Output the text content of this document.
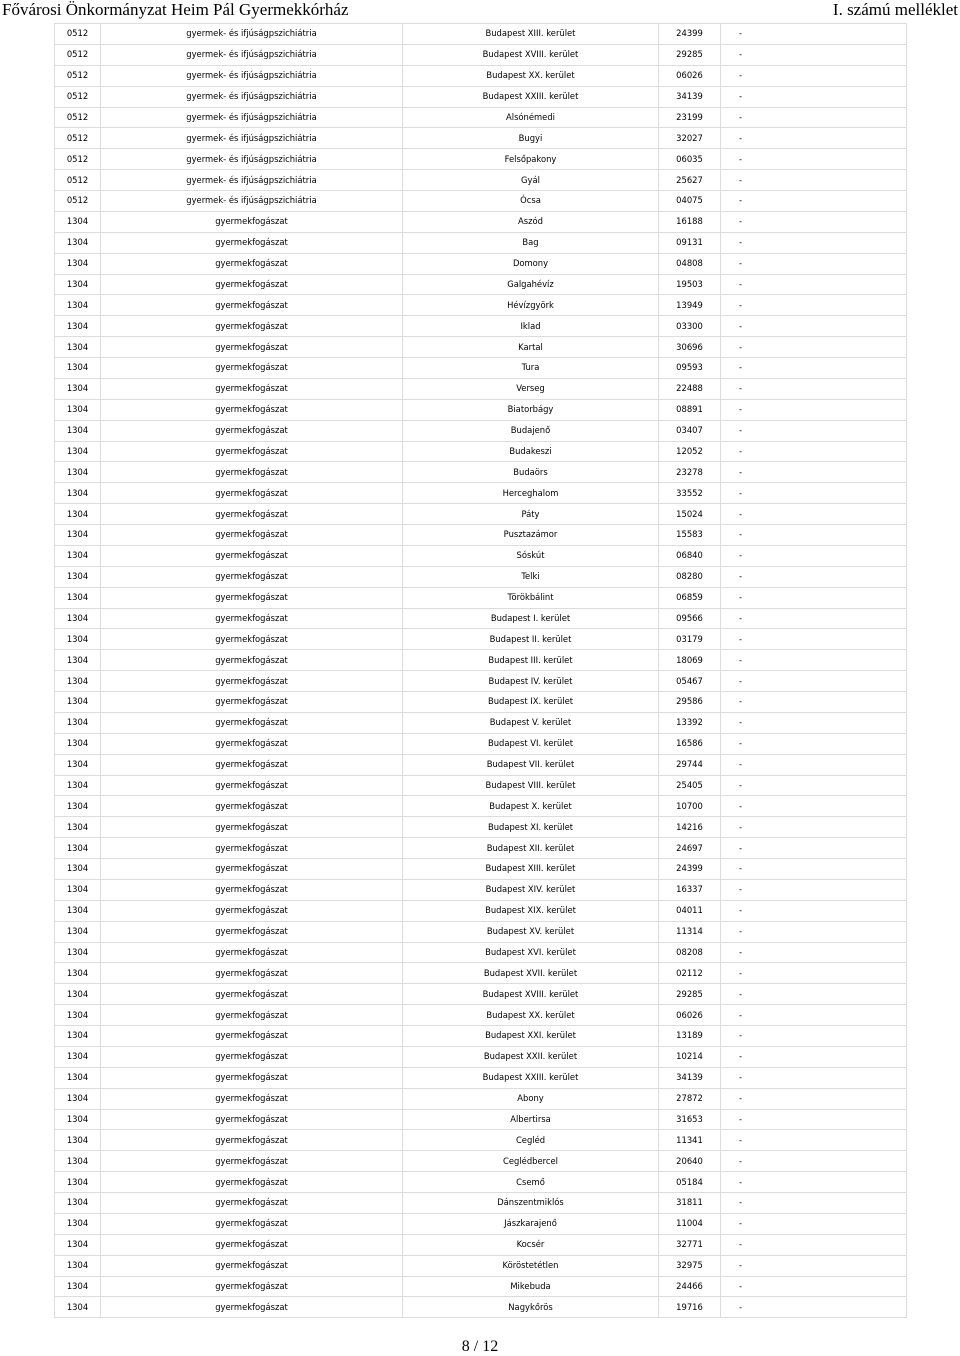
Fővárosi Önkormányzat Heim Pál Gyermekkórház	I. számú melléklet
0512	gyermek- és ifjúságpszichiátria	Budapest XIII. kerület	24399	-
0512	gyermek- és ifjúságpszichiátria	Budapest XVIII. kerület	29285	-
0512	gyermek- és ifjúságpszichiátria	Budapest XX. kerület	06026	-
0512	gyermek- és ifjúságpszichiátria	Budapest XXIII. kerület	34139	-
0512	gyermek- és ifjúságpszichiátria	Alsónémedi	23199	-
0512	gyermek- és ifjúságpszichiátria	Bugyi	32027	-
0512	gyermek- és ifjúságpszichiátria	Felsőpakony	06035	-
0512	gyermek- és ifjúságpszichiátria	Gyál	25627	-
0512	gyermek- és ifjúságpszichiátria	Ócsa	04075	-
1304	gyermekfogászat	Aszód	16188	-
1304	gyermekfogászat	Bag	09131	-
1304	gyermekfogászat	Domony	04808	-
1304	gyermekfogászat	Galgahévíz	19503	-
1304	gyermekfogászat	Hévízgyörk	13949	-
1304	gyermekfogászat	Iklad	03300	-
1304	gyermekfogászat	Kartal	30696	-
1304	gyermekfogászat	Tura	09593	-
1304	gyermekfogászat	Verseg	22488	-
1304	gyermekfogászat	Biatorbágy	08891	-
1304	gyermekfogászat	Budajenő	03407	-
1304	gyermekfogászat	Budakeszi	12052	-
1304	gyermekfogászat	Budaörs	23278	-
1304	gyermekfogászat	Herceghalom	33552	-
1304	gyermekfogászat	Páty	15024	-
1304	gyermekfogászat	Pusztazámor	15583	-
1304	gyermekfogászat	Sóskút	06840	-
1304	gyermekfogászat	Telki	08280	-
1304	gyermekfogászat	Törökbálint	06859	-
1304	gyermekfogászat	Budapest I. kerület	09566	-
1304	gyermekfogászat	Budapest II. kerület	03179	-
1304	gyermekfogászat	Budapest III. kerület	18069	-
1304	gyermekfogászat	Budapest IV. kerület	05467	-
1304	gyermekfogászat	Budapest IX. kerület	29586	-
1304	gyermekfogászat	Budapest V. kerület	13392	-
1304	gyermekfogászat	Budapest VI. kerület	16586	-
1304	gyermekfogászat	Budapest VII. kerület	29744	-
1304	gyermekfogászat	Budapest VIII. kerület	25405	-
1304	gyermekfogászat	Budapest X. kerület	10700	-
1304	gyermekfogászat	Budapest XI. kerület	14216	-
1304	gyermekfogászat	Budapest XII. kerület	24697	-
1304	gyermekfogászat	Budapest XIII. kerület	24399	-
1304	gyermekfogászat	Budapest XIV. kerület	16337	-
1304	gyermekfogászat	Budapest XIX. kerület	04011	-
1304	gyermekfogászat	Budapest XV. kerület	11314	-
1304	gyermekfogászat	Budapest XVI. kerület	08208	-
1304	gyermekfogászat	Budapest XVII. kerület	02112	-
1304	gyermekfogászat	Budapest XVIII. kerület	29285	-
1304	gyermekfogászat	Budapest XX. kerület	06026	-
1304	gyermekfogászat	Budapest XXI. kerület	13189	-
1304	gyermekfogászat	Budapest XXII. kerület	10214	-
1304	gyermekfogászat	Budapest XXIII. kerület	34139	-
1304	gyermekfogászat	Abony	27872	-
1304	gyermekfogászat	Albertirsa	31653	-
1304	gyermekfogászat	Cegléd	11341	-
1304	gyermekfogászat	Ceglédbercel	20640	-
1304	gyermekfogászat	Csemő	05184	-
1304	gyermekfogászat	Dánszentmiklós	31811	-
1304	gyermekfogászat	Jászkarajenő	11004	-
1304	gyermekfogászat	Kocsér	32771	-
1304	gyermekfogászat	Köröstetétlen	32975	-
1304	gyermekfogászat	Mikebuda	24466	-
1304	gyermekfogászat	Nagykőrös	19716	-
8 / 12
